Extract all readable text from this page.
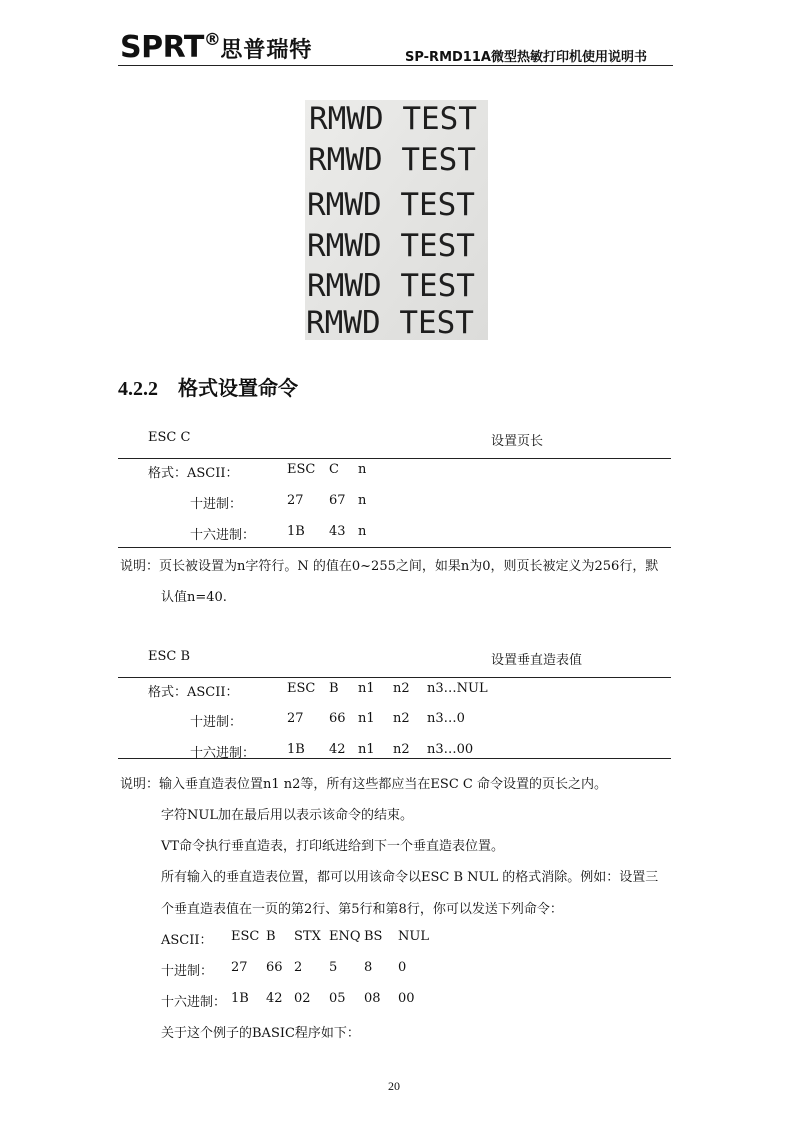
SPRT®思普瑞特	SP-RMD11A微型热敏打印机使用说明书
RMWD TEST
RMWD TEST
RMWD TEST
RMWD TEST
RMWD TEST
RMWD TEST
4.2.2 格式设置命令
ESC C	设置页长
格式：ASCII：	ESC C n
十进制：	27 67 n
十六进制： 1B 43 n
说明：页长被设置为n字符行。N 的值在0~255之间，如果n为0，则页长被定义为256行，默
认值n=40.
ESC B	设置垂直造表值
格式：ASCII：	ESC B n1 n2 n3…NUL
十进制：	27 66 n1 n2 n3…0
十六进制： 1B 42 n1 n2 n3…00
说明：输入垂直造表位置n1 n2等，所有这些都应当在ESC C 命令设置的页长之内。
字符NUL加在最后用以表示该命令的结束。
VT命令执行垂直造表，打印纸进给到下一个垂直造表位置。
所有输入的垂直造表位置，都可以用该命令以ESC B NUL 的格式消除。例如：设置三
个垂直造表值在一页的第2行、第5行和第8行，你可以发送下列命令：
ASCII： ESC B STX ENQ BS NUL
十进制： 27 66 2 5 8 0
十六进制： 1B 42 02 05 08 00
关于这个例子的BASIC程序如下：
20
